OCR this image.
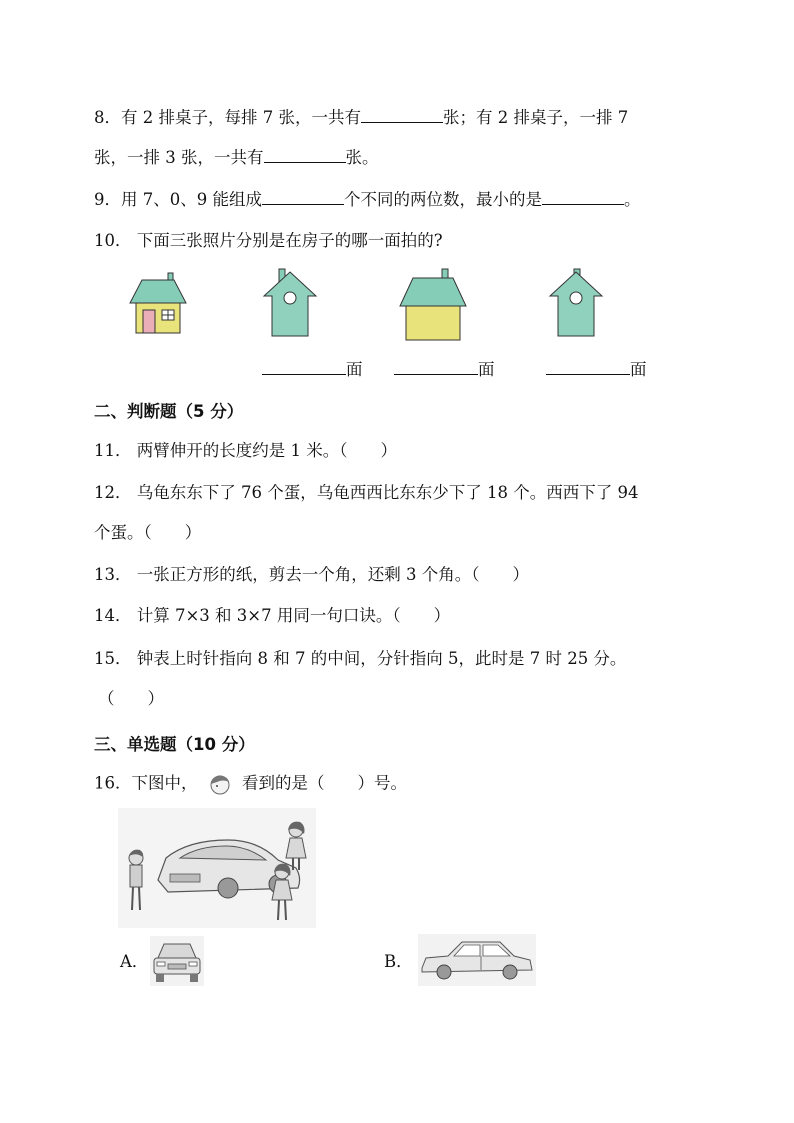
8．有 2 排桌子，每排 7 张，一共有	张；有 2 排桌子，一排 7
张，一排 3 张，一共有	张。
9．用 7、0、9 能组成	个不同的两位数，最小的是	。
10． 下面三张照片分别是在房子的哪一面拍的?
面	面	面
二、判断题（5 分）
11． 两臂伸开的长度约是 1 米。（　　）
12． 乌龟东东下了 76 个蛋，乌龟西西比东东少下了 18 个。西西下了 94
个蛋。（　　）
13． 一张正方形的纸，剪去一个角，还剩 3 个角。（　　）
14． 计算 7×3 和 3×7 用同一句口诀。（　　）
15． 钟表上时针指向 8 和 7 的中间，分针指向 5，此时是 7 时 25 分。
（　　）
三、单选题（10 分）
16．下图中，	看到的是（　　）号。
A．	B．
